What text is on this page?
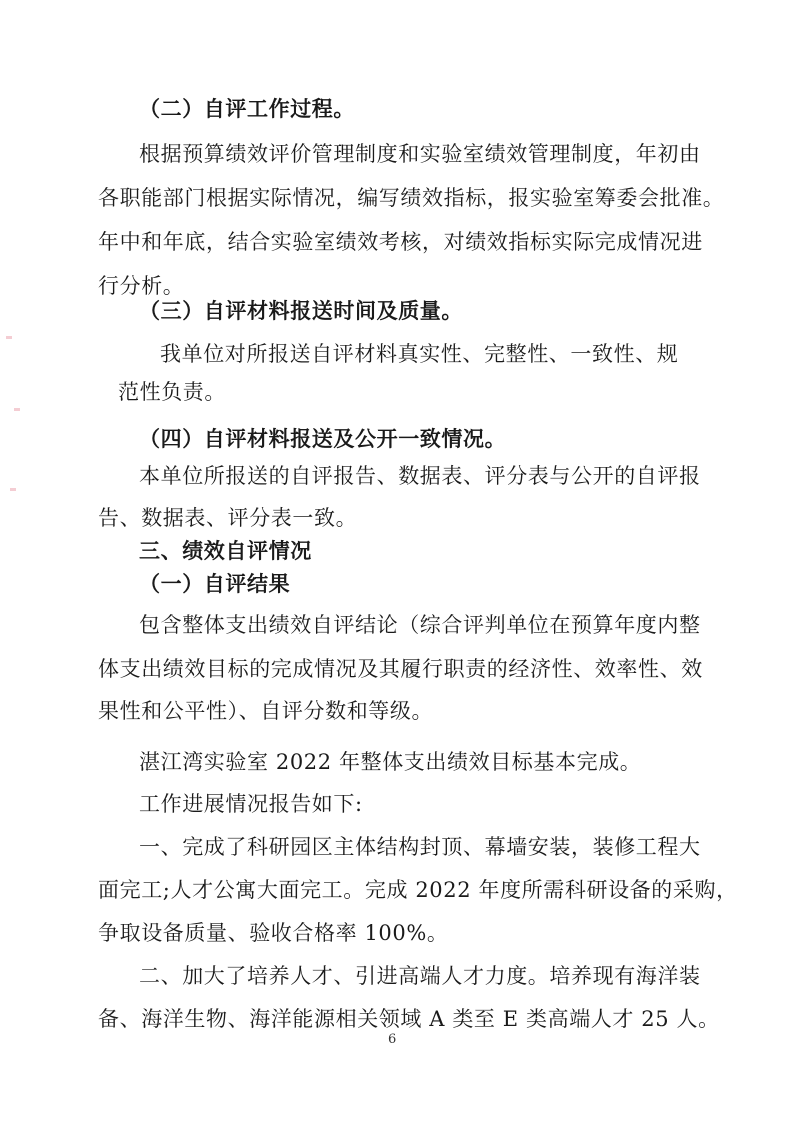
（二）自评工作过程。
根据预算绩效评价管理制度和实验室绩效管理制度，年初由
各职能部门根据实际情况，编写绩效指标，报实验室筹委会批准。
年中和年底，结合实验室绩效考核，对绩效指标实际完成情况进
行分析。
（三）自评材料报送时间及质量。
我单位对所报送自评材料真实性、完整性、一致性、规
范性负责。
（四）自评材料报送及公开一致情况。
本单位所报送的自评报告、数据表、评分表与公开的自评报
告、数据表、评分表一致。
三、绩效自评情况
（一）自评结果
包含整体支出绩效自评结论（综合评判单位在预算年度内整
体支出绩效目标的完成情况及其履行职责的经济性、效率性、效
果性和公平性）、自评分数和等级。
湛江湾实验室 2022 年整体支出绩效目标基本完成。
工作进展情况报告如下:
一、完成了科研园区主体结构封顶、幕墙安装，装修工程大
面完工;人才公寓大面完工。完成 2022 年度所需科研设备的采购，
争取设备质量、验收合格率 100%。
二、加大了培养人才、引进高端人才力度。培养现有海洋装
备、海洋生物、海洋能源相关领域 A 类至 E 类高端人才 25 人。
6
